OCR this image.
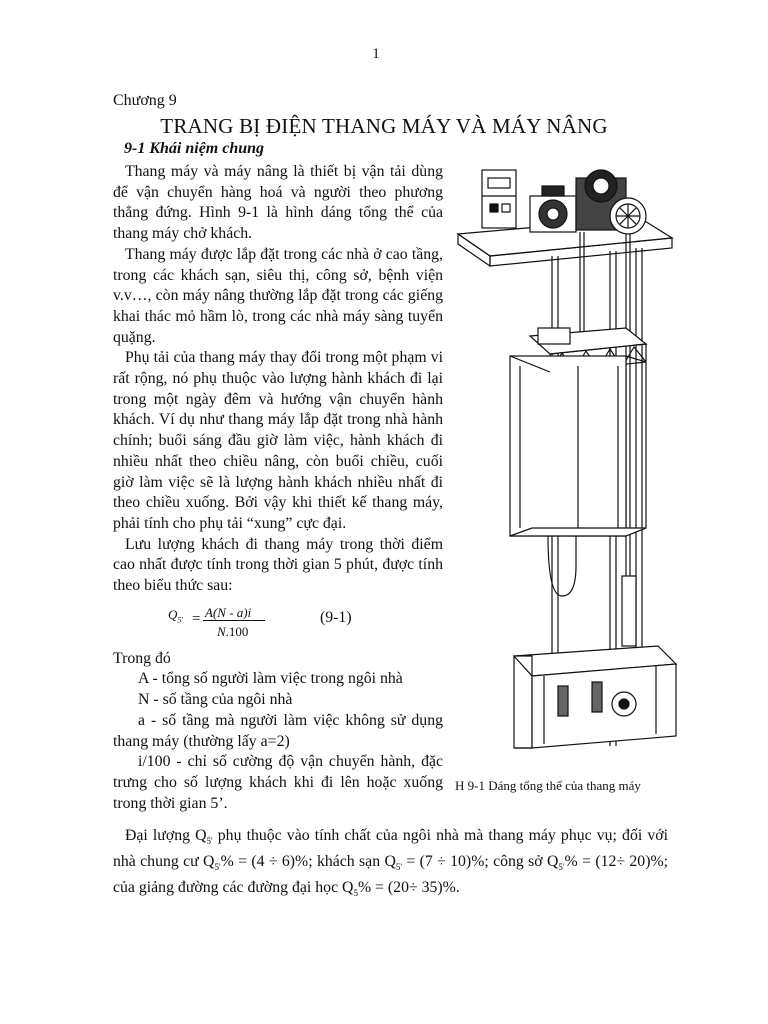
1
Chương 9
TRANG BỊ ĐIỆN THANG MÁY VÀ MÁY NÂNG
9-1 Khái niệm chung

Thang máy và máy nâng là thiết bị vận tải dùng để vận chuyển hàng hoá và người theo phương thẳng đứng. Hình 9-1 là hình dáng tổng thể của thang máy chở khách.

Thang máy được lắp đặt trong các nhà ở cao tầng, trong các khách sạn, siêu thị, công sở, bệnh viện v.v…, còn máy nâng thường lắp đặt trong các giếng khai thác mỏ hầm lò, trong các nhà máy sàng tuyển quặng.

Phụ tải của thang máy thay đổi trong một phạm vi rất rộng, nó phụ thuộc vào lượng hành khách đi lại trong một ngày đêm và hướng vận chuyển hành khách. Ví dụ như thang máy lắp đặt trong nhà hành chính; buổi sáng đầu giờ làm việc, hành khách đi nhiều nhất theo chiều nâng, còn buổi chiều, cuối giờ làm việc sẽ là lượng hành khách nhiều nhất đi theo chiều xuống. Bởi vậy khi thiết kế thang máy, phải tính cho phụ tải “xung” cực đại.

Lưu lượng khách đi thang máy trong thời điểm cao nhất được tính trong thời gian 5 phút, được tính theo biểu thức sau:

$Q_{5'} = A(N - a)i$
N.100
(9-1)

Trong đó

A - tổng số người làm việc trong ngôi nhà

N - số tầng của ngôi nhà

a - số tầng mà người làm việc không sử dụng thang máy (thường lấy a=2)

i/100 - chỉ số cường độ vận chuyển hành, đặc trưng cho số lượng khách khi đi lên hoặc xuống trong thời gian 5’.

H 9-1 Dáng tổng thể của thang máy

Đại lượng $Q_{5'}$ phụ thuộc vào tính chất của ngôi nhà mà thang máy phục vụ; đối với nhà chung cư $Q_{5'}\% = (4 \div 6)\%$; khách sạn $Q_{5'} = (7 \div 10)\%$; công sở $Q_{5'}\% = (12\div 20)\%$; của giảng đường các đường đại học $Q_5\% = (20\div 35)\%$.
